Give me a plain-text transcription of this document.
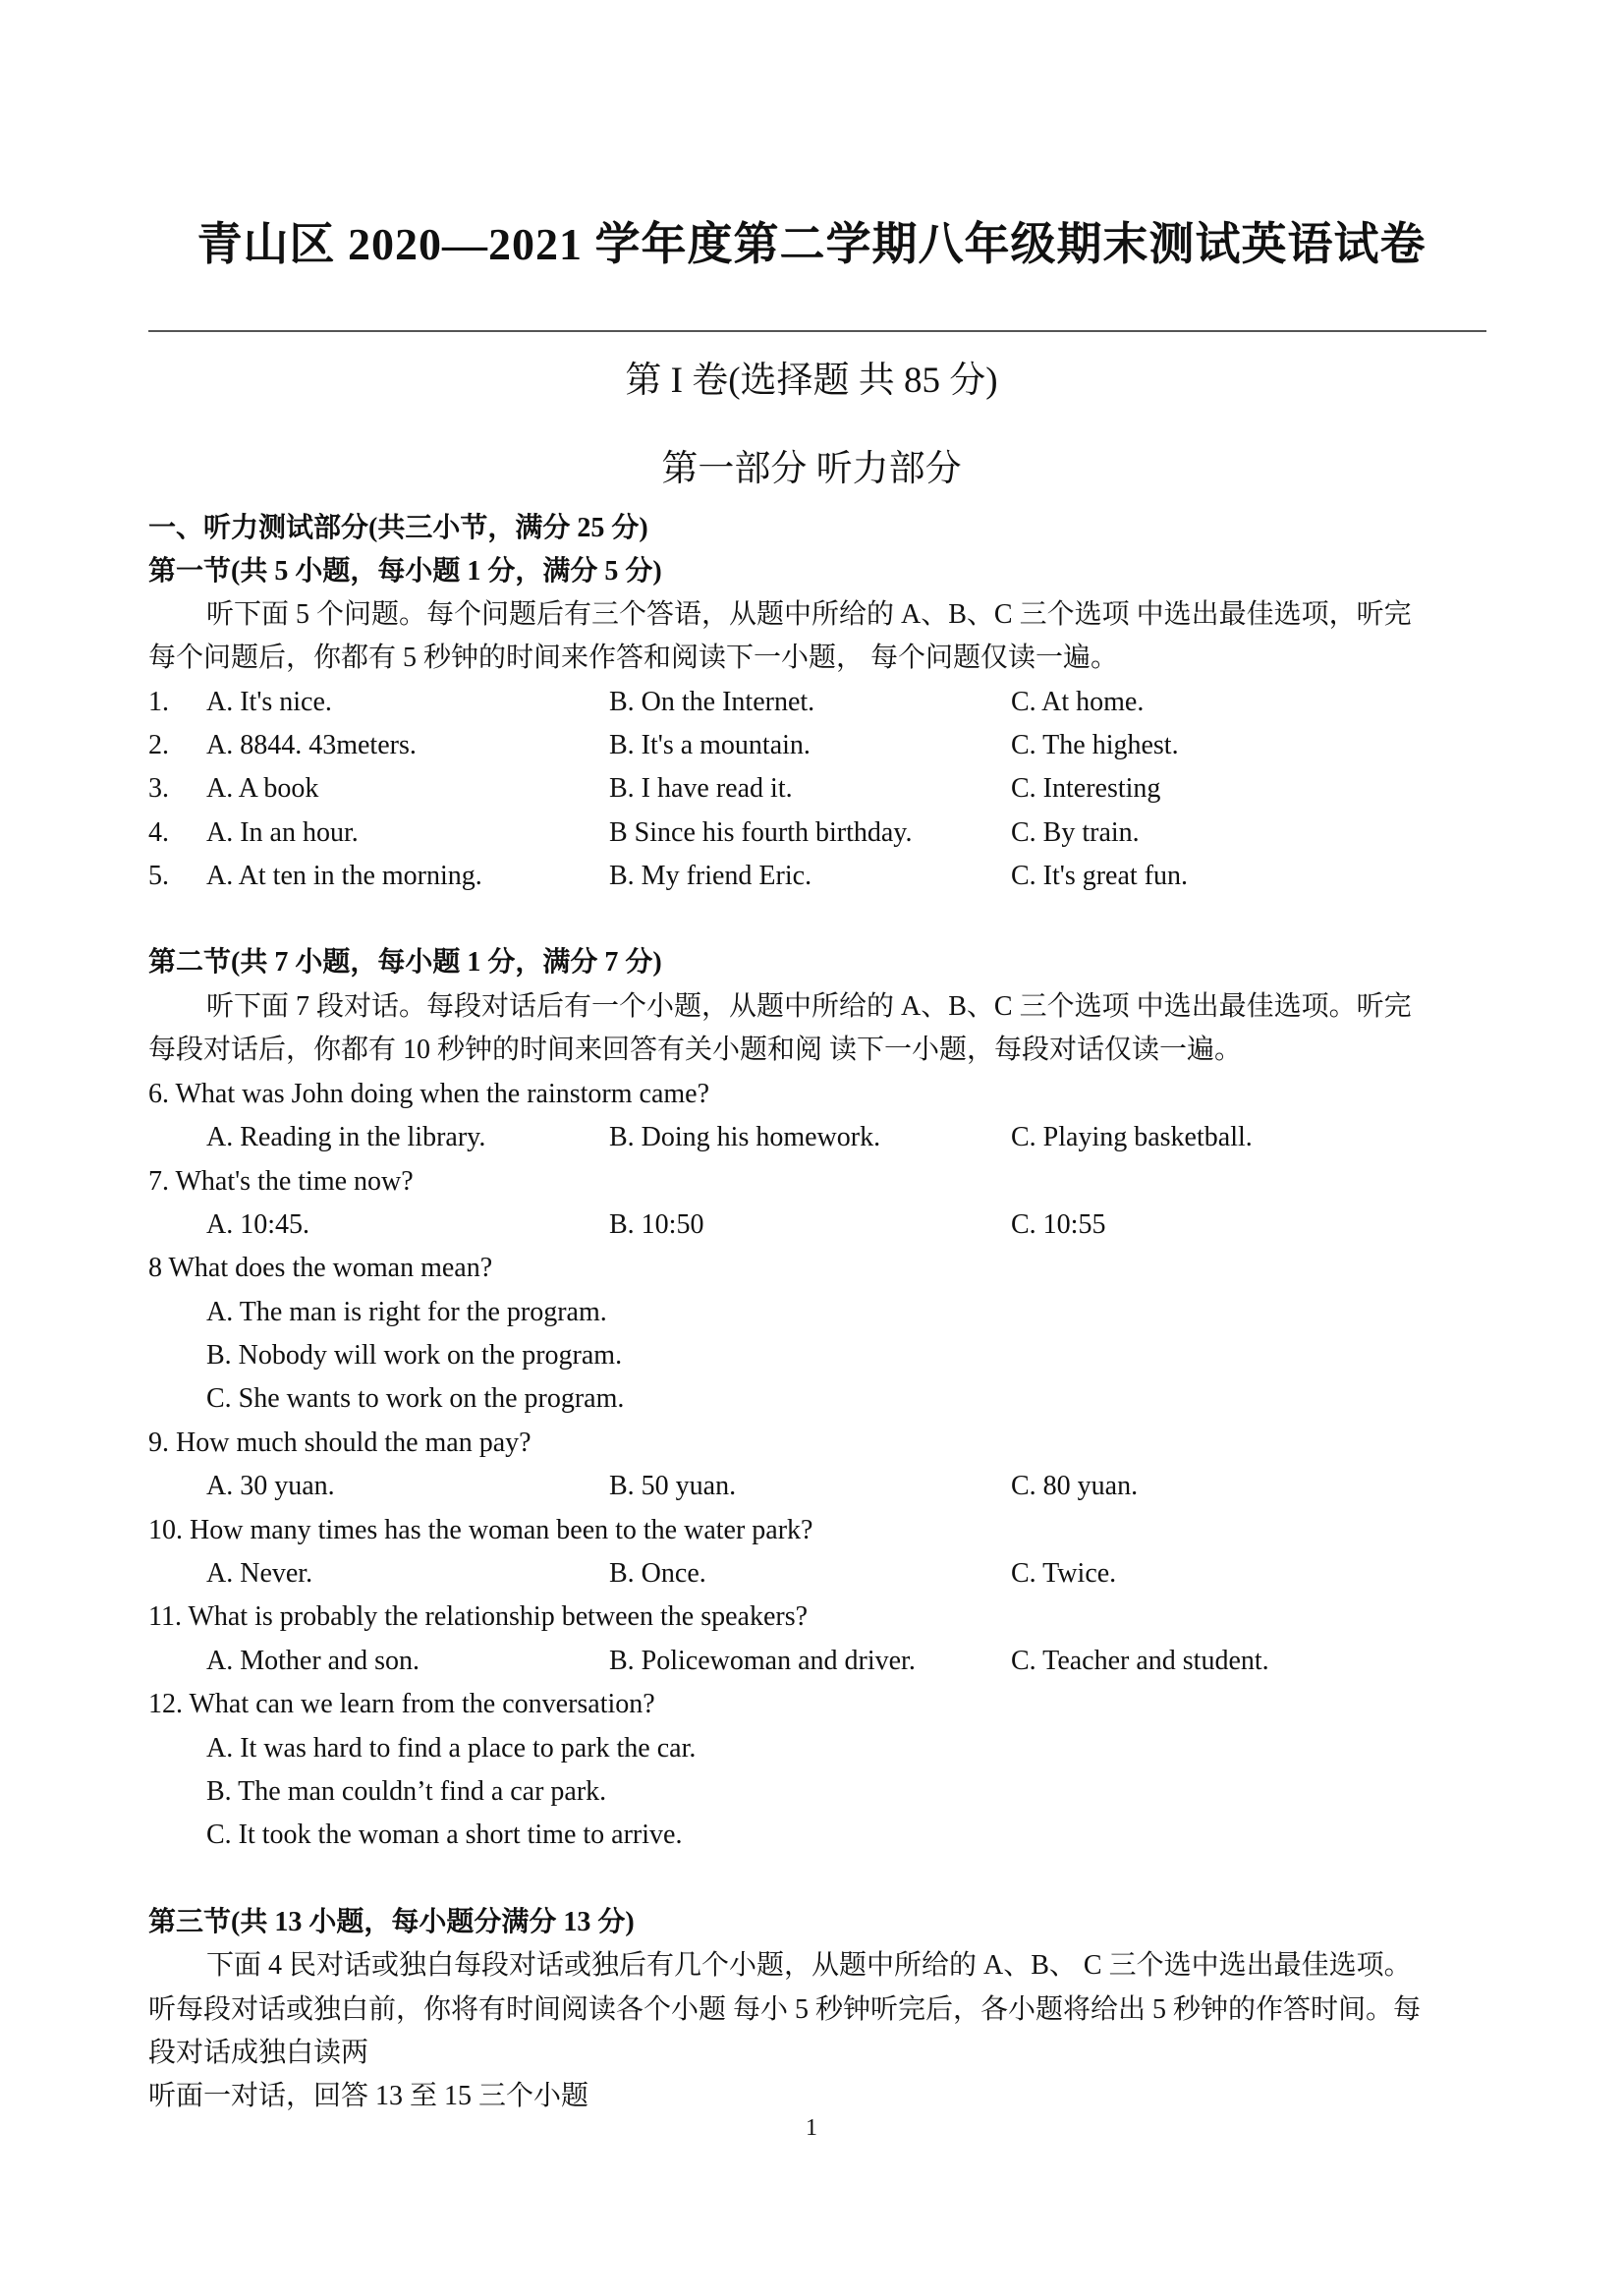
青山区 2020—2021 学年度第二学期八年级期末测试英语试卷
第 I 卷(选择题 共 85 分)
第一部分 听力部分
一、听力测试部分(共三小节，满分 25 分)
第一节(共 5 小题，每小题 1 分，满分 5 分)
听下面 5 个问题。每个问题后有三个答语，从题中所给的 A、B、C 三个选项 中选出最佳选项，听完
每个问题后，你都有 5 秒钟的时间来作答和阅读下一小题， 每个问题仅读一遍。
1. A. It's nice.	B. On the Internet.	C. At home.
2. A. 8844. 43meters.	B. It's a mountain.	C. The highest.
3. A. A book	B. I have read it.	C. Interesting
4. A. In an hour.	B Since his fourth birthday.	C. By train.
5. A. At ten in the morning.	B. My friend Eric.	C. It's great fun.
第二节(共 7 小题，每小题 1 分，满分 7 分)
听下面 7 段对话。每段对话后有一个小题，从题中所给的 A、B、C 三个选项 中选出最佳选项。听完
每段对话后，你都有 10 秒钟的时间来回答有关小题和阅 读下一小题，每段对话仅读一遍。
6. What was John doing when the rainstorm came?
A. Reading in the library.	B. Doing his homework.	C. Playing basketball.
7. What's the time now?
A. 10:45.	B. 10:50	C. 10:55
8 What does the woman mean?
A. The man is right for the program.
B. Nobody will work on the program.
C. She wants to work on the program.
9. How much should the man pay?
A. 30 yuan.	B. 50 yuan.	C. 80 yuan.
10. How many times has the woman been to the water park?
A. Never.	B. Once.	C. Twice.
11. What is probably the relationship between the speakers?
A. Mother and son.	B. Policewoman and driver.	C. Teacher and student.
12. What can we learn from the conversation?
A. It was hard to find a place to park the car.
B. The man couldn’t find a car park.
C. It took the woman a short time to arrive.
第三节(共 13 小题，每小题分满分 13 分)
下面 4 民对话或独白每段对话或独后有几个小题，从题中所给的 A、B、 C 三个选中选出最佳选项。
听每段对话或独白前，你将有时间阅读各个小题 每小 5 秒钟听完后，各小题将给出 5 秒钟的作答时间。每
段对话成独白读两
听面一对话，回答 13 至 15 三个小题
1
